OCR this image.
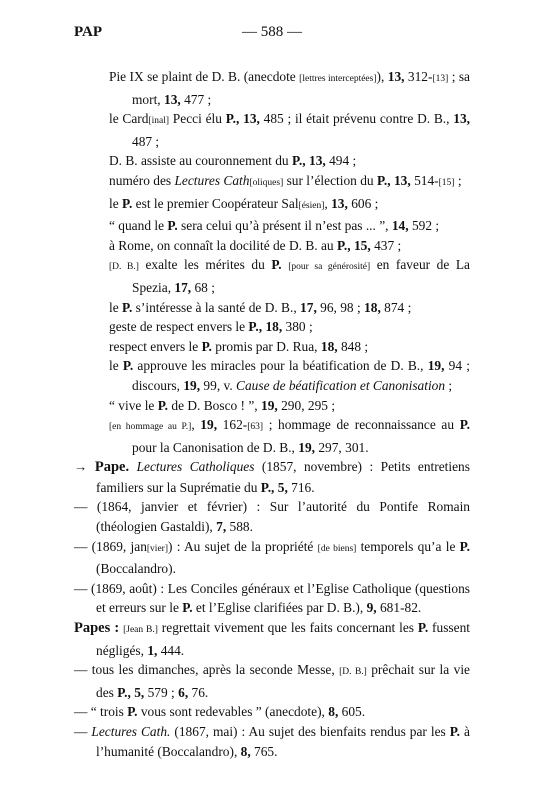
PAP	— 588 —
Pie IX se plaint de D. B. (anecdote [lettres interceptées]), 13, 312-[13] ; sa mort, 13, 477 ;
le Card[inal] Pecci élu P., 13, 485 ; il était prévenu contre D. B., 13, 487 ;
D. B. assiste au couronnement du P., 13, 494 ;
numéro des Lectures Cath[oliques] sur l’élection du P., 13, 514-[15] ;
le P. est le premier Coopérateur Sal[ésien], 13, 606 ;
“ quand le P. sera celui qu’à présent il n’est pas ... ”, 14, 592 ;
à Rome, on connaît la docilité de D. B. au P., 15, 437 ;
[D. B.] exalte les mérites du P. [pour sa générosité] en faveur de La Spezia, 17, 68 ;
le P. s’intéresse à la santé de D. B., 17, 96, 98 ; 18, 874 ;
geste de respect envers le P., 18, 380 ;
respect envers le P. promis par D. Rua, 18, 848 ;
le P. approuve les miracles pour la béatification de D. B., 19, 94 ; discours, 19, 99, v. Cause de béatification et Canonisation ;
“ vive le P. de D. Bosco ! ”, 19, 290, 295 ;
[en hommage au P.], 19, 162-[63] ; hommage de reconnaissance au P. pour la Canonisation de D. B., 19, 297, 301.
→ Pape. Lectures Catholiques (1857, novembre) : Petits entretiens familiers sur la Suprématie du P., 5, 716.
— (1864, janvier et février) : Sur l’autorité du Pontife Romain (théologien Gastaldi), 7, 588.
— (1869, jan[vier]) : Au sujet de la propriété [de biens] temporels qu’a le P. (Boccalandro).
— (1869, août) : Les Conciles généraux et l’Eglise Catholique (questions et erreurs sur le P. et l’Eglise clarifiées par D. B.), 9, 681-82.
Papes : [Jean B.] regrettait vivement que les faits concernant les P. fussent négligés, 1, 444.
— tous les dimanches, après la seconde Messe, [D. B.] prêchait sur la vie des P., 5, 579 ; 6, 76.
— “ trois P. vous sont redevables ” (anecdote), 8, 605.
— Lectures Cath. (1867, mai) : Au sujet des bienfaits rendus par les P. à l’humanité (Boccalandro), 8, 765.
